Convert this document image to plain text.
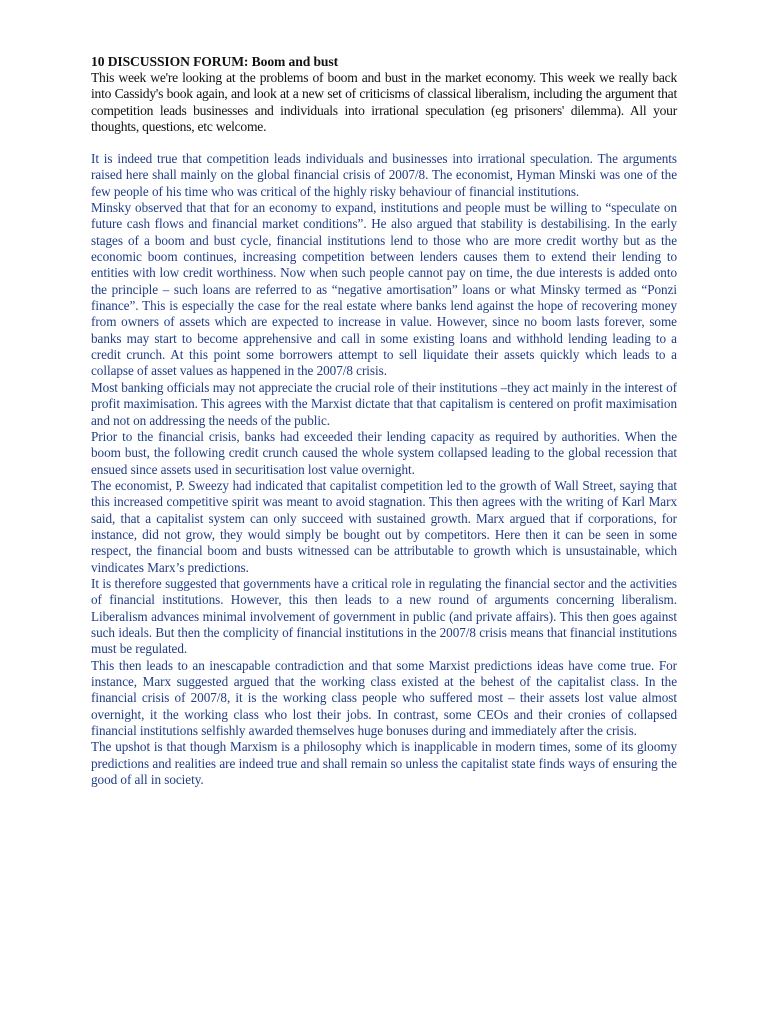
10 DISCUSSION FORUM: Boom and bust

This week we're looking at the problems of boom and bust in the market economy. This week we really back into Cassidy's book again, and look at a new set of criticisms of classical liberalism, including the argument that competition leads businesses and individuals into irrational speculation (eg prisoners' dilemma). All your thoughts, questions, etc welcome.

It is indeed true that competition leads individuals and businesses into irrational speculation. The arguments raised here shall mainly on the global financial crisis of 2007/8. The economist, Hyman Minski was one of the few people of his time who was critical of the highly risky behaviour of financial institutions.

Minsky observed that that for an economy to expand, institutions and people must be willing to “speculate on future cash flows and financial market conditions”. He also argued that stability is destabilising. In the early stages of a boom and bust cycle, financial institutions lend to those who are more credit worthy but as the economic boom continues, increasing competition between lenders causes them to extend their lending to entities with low credit worthiness. Now when such people cannot pay on time, the due interests is added onto the principle – such loans are referred to as “negative amortisation” loans or what Minsky termed as “Ponzi finance”. This is especially the case for the real estate where banks lend against the hope of recovering money from owners of assets which are expected to increase in value. However, since no boom lasts forever, some banks may start to become apprehensive and call in some existing loans and withhold lending leading to a credit crunch. At this point some borrowers attempt to sell liquidate their assets quickly which leads to a collapse of asset values as happened in the 2007/8 crisis.

Most banking officials may not appreciate the crucial role of their institutions –they act mainly in the interest of profit maximisation. This agrees with the Marxist dictate that that capitalism is centered on profit maximisation and not on addressing the needs of the public.

Prior to the financial crisis, banks had exceeded their lending capacity as required by authorities. When the boom bust, the following credit crunch caused the whole system collapsed leading to the global recession that ensued since assets used in securitisation lost value overnight.

The economist, P. Sweezy had indicated that capitalist competition led to the growth of Wall Street, saying that this increased competitive spirit was meant to avoid stagnation. This then agrees with the writing of Karl Marx said, that a capitalist system can only succeed with sustained growth. Marx argued that if corporations, for instance, did not grow, they would simply be bought out by competitors. Here then it can be seen in some respect, the financial boom and busts witnessed can be attributable to growth which is unsustainable, which vindicates Marx’s predictions.

It is therefore suggested that governments have a critical role in regulating the financial sector and the activities of financial institutions. However, this then leads to a new round of arguments concerning liberalism. Liberalism advances minimal involvement of government in public (and private affairs). This then goes against such ideals. But then the complicity of financial institutions in the 2007/8 crisis means that financial institutions must be regulated.

This then leads to an inescapable contradiction and that some Marxist predictions ideas have come true. For instance, Marx suggested argued that the working class existed at the behest of the capitalist class. In the financial crisis of 2007/8, it is the working class people who suffered most – their assets lost value almost overnight, it the working class who lost their jobs. In contrast, some CEOs and their cronies of collapsed financial institutions selfishly awarded themselves huge bonuses during and immediately after the crisis.

The upshot is that though Marxism is a philosophy which is inapplicable in modern times, some of its gloomy predictions and realities are indeed true and shall remain so unless the capitalist state finds ways of ensuring the good of all in society.
